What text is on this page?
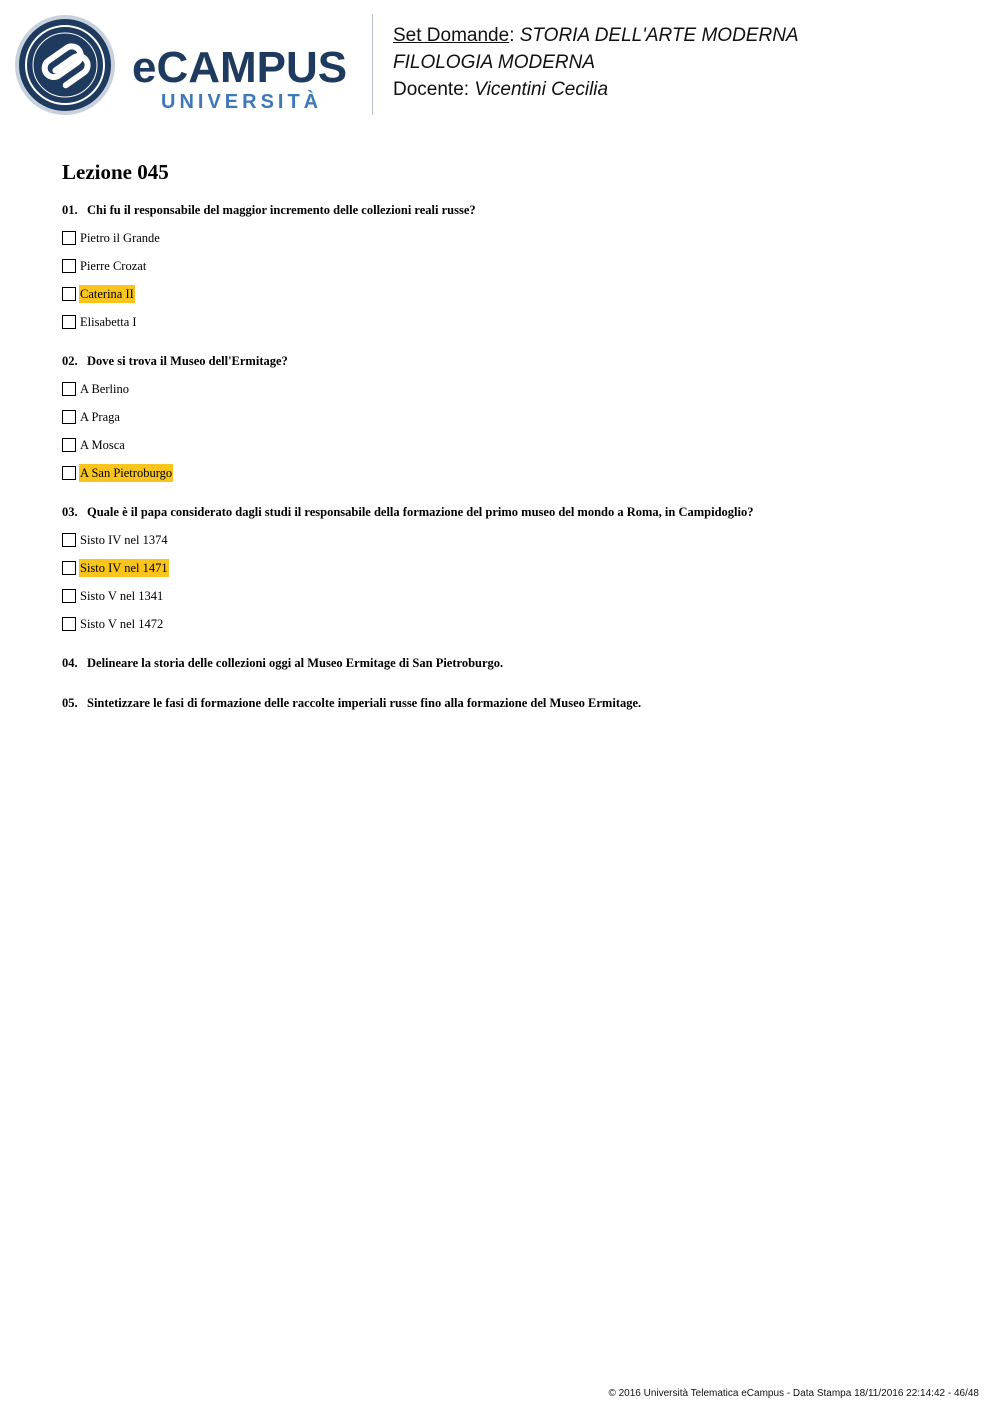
eCAMPUS
UNIVERSITÀ
Set Domande: STORIA DELL'ARTE MODERNA
FILOLOGIA MODERNA
Docente: Vicentini Cecilia
Lezione 045
01. Chi fu il responsabile del maggior incremento delle collezioni reali russe?
Pietro il Grande
Pierre Crozat
Caterina II
Elisabetta I
02. Dove si trova il Museo dell'Ermitage?
A Berlino
A Praga
A Mosca
A San Pietroburgo
03. Quale è il papa considerato dagli studi il responsabile della formazione del primo museo del mondo a Roma, in Campidoglio?
Sisto IV nel 1374
Sisto IV nel 1471
Sisto V nel 1341
Sisto V nel 1472
04. Delineare la storia delle collezioni oggi al Museo Ermitage di San Pietroburgo.
05. Sintetizzare le fasi di formazione delle raccolte imperiali russe fino alla formazione del Museo Ermitage.
© 2016 Università Telematica eCampus - Data Stampa 18/11/2016 22:14:42 - 46/48
